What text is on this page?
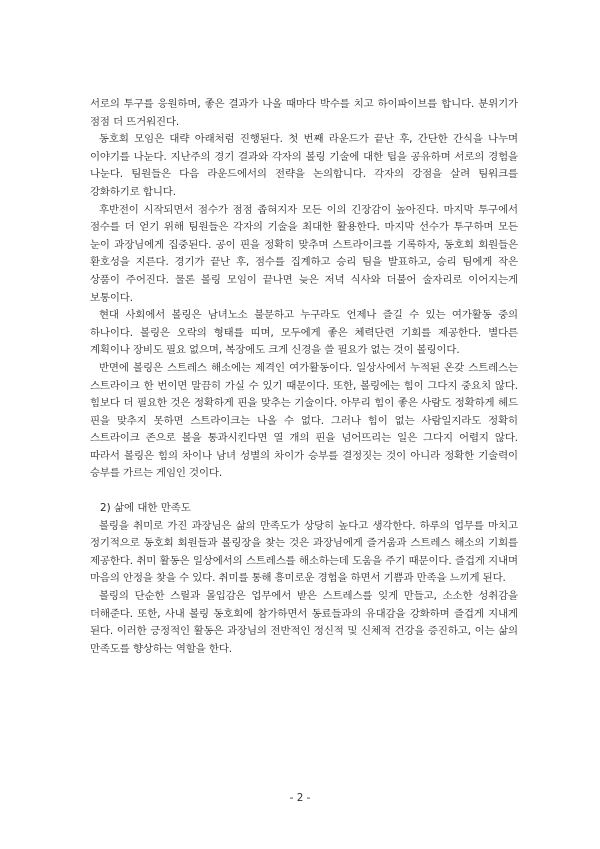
서로의 투구를 응원하며, 좋은 결과가 나올 때마다 박수를 치고 하이파이브를 합니다. 분위기가 점점 더 뜨거워진다.

동호회 모임은 대략 아래처럼 진행된다. 첫 번째 라운드가 끝난 후, 간단한 간식을 나누며 이야기를 나눈다. 지난주의 경기 결과와 각자의 볼링 기술에 대한 팁을 공유하며 서로의 경험을 나눈다. 팀원들은 다음 라운드에서의 전략을 논의합니다. 각자의 강점을 살려 팀워크를 강화하기로 합니다.

후반전이 시작되면서 점수가 점점 좁혀지자 모든 이의 긴장감이 높아진다. 마지막 투구에서 점수를 더 얻기 위해 팀원들은 각자의 기술을 최대한 활용한다. 마지막 선수가 투구하며 모든 눈이 과장님에게 집중된다. 공이 핀을 정확히 맞추며 스트라이크를 기록하자, 동호회 회원들은 환호성을 지른다. 경기가 끝난 후, 점수를 집계하고 승리 팀을 발표하고, 승리 팀에게 작은 상품이 주어진다. 물론 볼링 모임이 끝나면 늦은 저녁 식사와 더불어 술자리로 이어지는게 보통이다.

현대 사회에서 볼링은 남녀노소 불문하고 누구라도 언제나 즐길 수 있는 여가활동 중의 하나이다. 볼링은 오락의 형태를 띠며, 모두에게 좋은 체력단련 기회를 제공한다. 별다른 계획이나 장비도 필요 없으며, 복장에도 크게 신경을 쓸 필요가 없는 것이 볼링이다.

반면에 볼링은 스트레스 해소에는 제격인 여가활동이다. 일상사에서 누적된 온갖 스트레스는 스트라이크 한 번이면 말끔히 가실 수 있기 때문이다. 또한, 볼링에는 힘이 그다지 중요치 않다. 힘보다 더 필요한 것은 정확하게 핀을 맞추는 기술이다. 아무리 힘이 좋은 사람도 정확하게 헤드 핀을 맞추지 못하면 스트라이크는 나올 수 없다. 그러나 힘이 없는 사람일지라도 정확히 스트라이크 존으로 볼을 통과시킨다면 열 개의 핀을 넘어뜨리는 일은 그다지 어렵지 않다. 따라서 볼링은 힘의 차이나 남녀 성별의 차이가 승부를 결정짓는 것이 아니라 정확한 기술력이 승부를 가르는 게임인 것이다.

2) 삶에 대한 만족도

볼링을 취미로 가진 과장님은 삶의 만족도가 상당히 높다고 생각한다. 하루의 업무를 마치고 정기적으로 동호회 회원들과 볼링장을 찾는 것은 과장님에게 즐거움과 스트레스 해소의 기회를 제공한다. 취미 활동은 일상에서의 스트레스를 해소하는데 도움을 주기 때문이다. 즐겁게 지내며 마음의 안정을 찾을 수 있다. 취미를 통해 흥미로운 경험을 하면서 기쁨과 만족을 느끼게 된다.

볼링의 단순한 스릴과 몰입감은 업무에서 받은 스트레스를 잊게 만들고, 소소한 성취감을 더해준다. 또한, 사내 볼링 동호회에 참가하면서 동료들과의 유대감을 강화하며 즐겁게 지내게 된다. 이러한 긍정적인 활동은 과장님의 전반적인 정신적 및 신체적 건강을 증진하고, 이는 삶의 만족도를 향상하는 역할을 한다.

- 2 -
